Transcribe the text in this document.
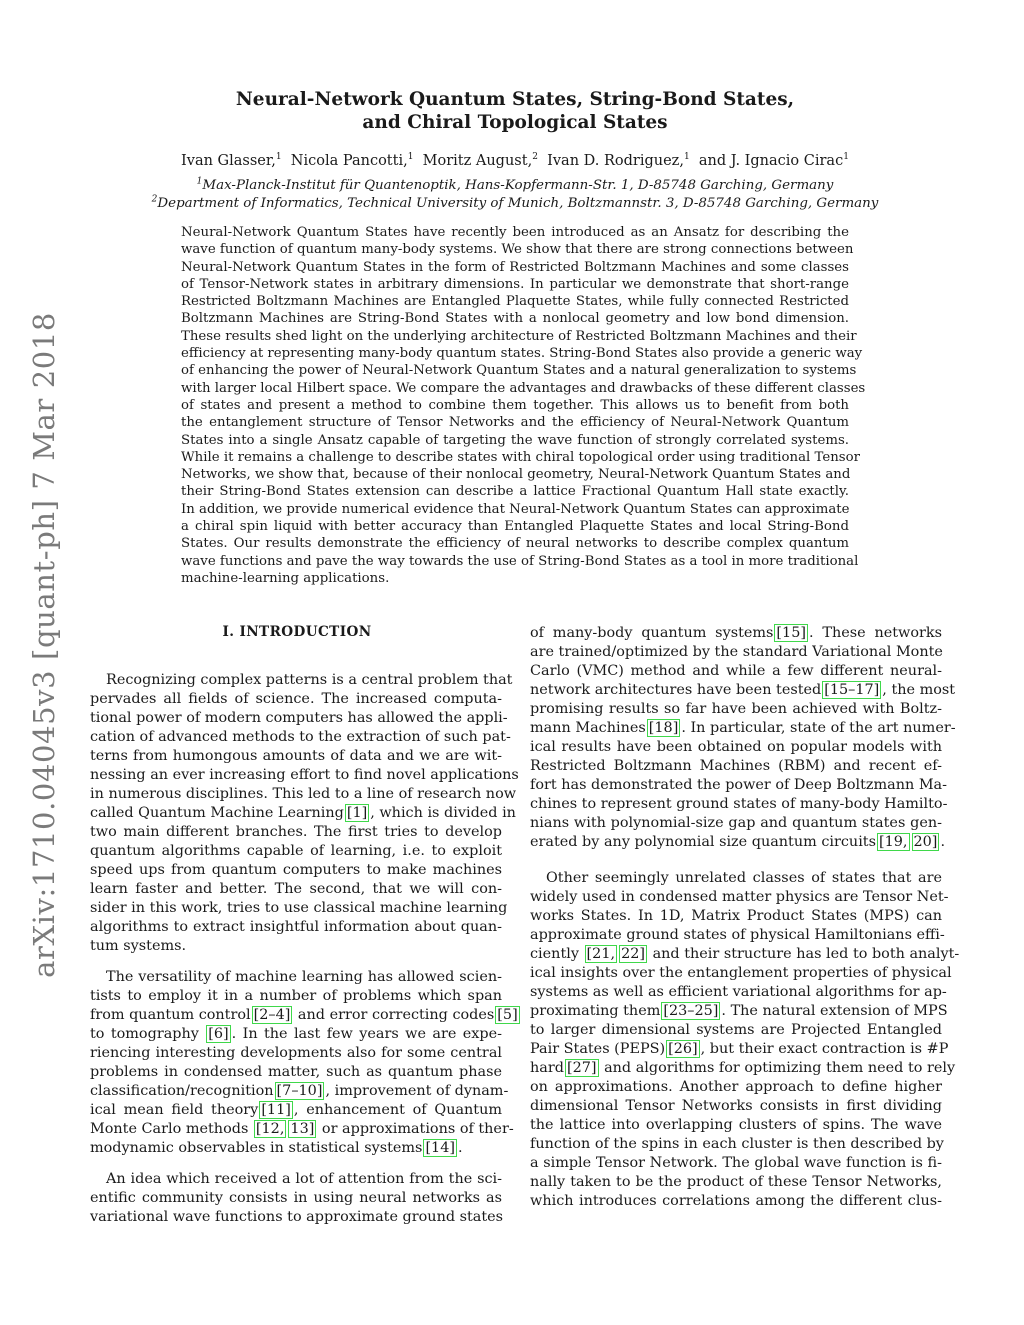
arXiv:1710.04045v3 [quant-ph] 7 Mar 2018
Neural-Network Quantum States, String-Bond States,
and Chiral Topological States
Ivan Glasser,$^1$ Nicola Pancotti,$^1$ Moritz August,$^2$ Ivan D. Rodriguez,$^1$ and J. Ignacio Cirac$^1$
$^1$Max-Planck-Institut für Quantenoptik, Hans-Kopfermann-Str. 1, D-85748 Garching, Germany
$^2$Department of Informatics, Technical University of Munich, Boltzmannstr. 3, D-85748 Garching, Germany
Neural-Network Quantum States have recently been introduced as an Ansatz for describing the
wave function of quantum many-body systems. We show that there are strong connections between
Neural-Network Quantum States in the form of Restricted Boltzmann Machines and some classes
of Tensor-Network states in arbitrary dimensions. In particular we demonstrate that short-range
Restricted Boltzmann Machines are Entangled Plaquette States, while fully connected Restricted
Boltzmann Machines are String-Bond States with a nonlocal geometry and low bond dimension.
These results shed light on the underlying architecture of Restricted Boltzmann Machines and their
efficiency at representing many-body quantum states. String-Bond States also provide a generic way
of enhancing the power of Neural-Network Quantum States and a natural generalization to systems
with larger local Hilbert space. We compare the advantages and drawbacks of these different classes
of states and present a method to combine them together. This allows us to benefit from both
the entanglement structure of Tensor Networks and the efficiency of Neural-Network Quantum
States into a single Ansatz capable of targeting the wave function of strongly correlated systems.
While it remains a challenge to describe states with chiral topological order using traditional Tensor
Networks, we show that, because of their nonlocal geometry, Neural-Network Quantum States and
their String-Bond States extension can describe a lattice Fractional Quantum Hall state exactly.
In addition, we provide numerical evidence that Neural-Network Quantum States can approximate
a chiral spin liquid with better accuracy than Entangled Plaquette States and local String-Bond
States. Our results demonstrate the efficiency of neural networks to describe complex quantum
wave functions and pave the way towards the use of String-Bond States as a tool in more traditional
machine-learning applications.
I. INTRODUCTION
Recognizing complex patterns is a central problem that
pervades all fields of science. The increased computa-
tional power of modern computers has allowed the appli-
cation of advanced methods to the extraction of such pat-
terns from humongous amounts of data and we are wit-
nessing an ever increasing effort to find novel applications
in numerous disciplines. This led to a line of research now
called Quantum Machine Learning [1] , which is divided in
two main different branches. The first tries to develop
quantum algorithms capable of learning, i.e. to exploit
speed ups from quantum computers to make machines
learn faster and better. The second, that we will con-
sider in this work, tries to use classical machine learning
algorithms to extract insightful information about quan-
tum systems.
The versatility of machine learning has allowed scien-
tists to employ it in a number of problems which span
from quantum control [2–4] and error correcting codes [5]
to tomography [6] . In the last few years we are expe-
riencing interesting developments also for some central
problems in condensed matter, such as quantum phase
classification/recognition [7–10] , improvement of dynam-
ical mean field theory [11] , enhancement of Quantum
Monte Carlo methods [12, 13] or approximations of ther-
modynamic observables in statistical systems [14] .
An idea which received a lot of attention from the sci-
entific community consists in using neural networks as
variational wave functions to approximate ground states
of many-body quantum systems [15] . These networks
are trained/optimized by the standard Variational Monte
Carlo (VMC) method and while a few different neural-
network architectures have been tested [15–17] , the most
promising results so far have been achieved with Boltz-
mann Machines [18] . In particular, state of the art numer-
ical results have been obtained on popular models with
Restricted Boltzmann Machines (RBM) and recent ef-
fort has demonstrated the power of Deep Boltzmann Ma-
chines to represent ground states of many-body Hamilto-
nians with polynomial-size gap and quantum states gen-
erated by any polynomial size quantum circuits [19, 20] .
Other seemingly unrelated classes of states that are
widely used in condensed matter physics are Tensor Net-
works States. In 1D, Matrix Product States (MPS) can
approximate ground states of physical Hamiltonians effi-
ciently [21, 22] and their structure has led to both analyt-
ical insights over the entanglement properties of physical
systems as well as efficient variational algorithms for ap-
proximating them [23–25] . The natural extension of MPS
to larger dimensional systems are Projected Entangled
Pair States (PEPS) [26] , but their exact contraction is #P
hard [27] and algorithms for optimizing them need to rely
on approximations. Another approach to define higher
dimensional Tensor Networks consists in first dividing
the lattice into overlapping clusters of spins. The wave
function of the spins in each cluster is then described by
a simple Tensor Network. The global wave function is fi-
nally taken to be the product of these Tensor Networks,
which introduces correlations among the different clus-
